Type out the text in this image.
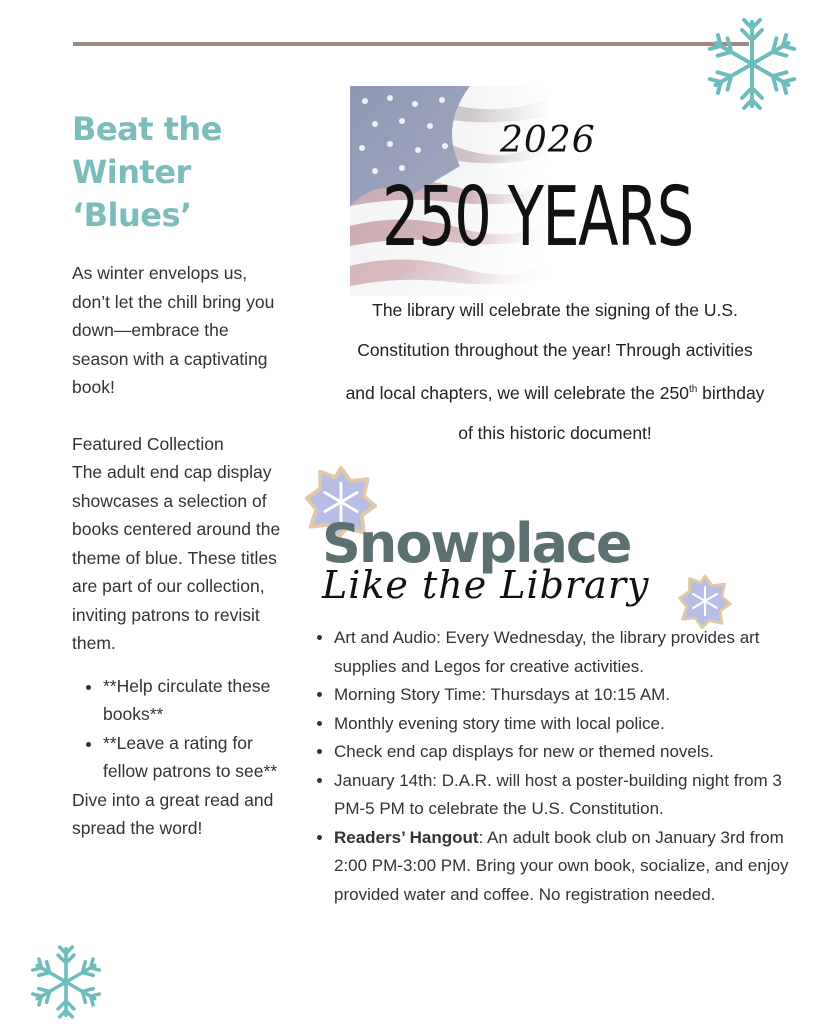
Beat the Winter ‘Blues’

As winter envelops us, don’t let the chill bring you down—embrace the season with a captivating book!

Featured Collection
The adult end cap display showcases a selection of books centered around the theme of blue. These titles are part of our collection, inviting patrons to revisit them.
• **Help circulate these books**
• **Leave a rating for fellow patrons to see**
Dive into a great read and spread the word!
2026
250 YEARS
The library will celebrate the signing of the U.S. Constitution throughout the year! Through activities and local chapters, we will celebrate the 250th birthday of this historic document!
Snowplace
Like the Library
• Art and Audio: Every Wednesday, the library provides art supplies and Legos for creative activities.
• Morning Story Time: Thursdays at 10:15 AM.
• Monthly evening story time with local police.
• Check end cap displays for new or themed novels.
• January 14th: D.A.R. will host a poster-building night from 3 PM-5 PM to celebrate the U.S. Constitution.
• Readers’ Hangout: An adult book club on January 3rd from 2:00 PM-3:00 PM. Bring your own book, socialize, and enjoy provided water and coffee. No registration needed.
